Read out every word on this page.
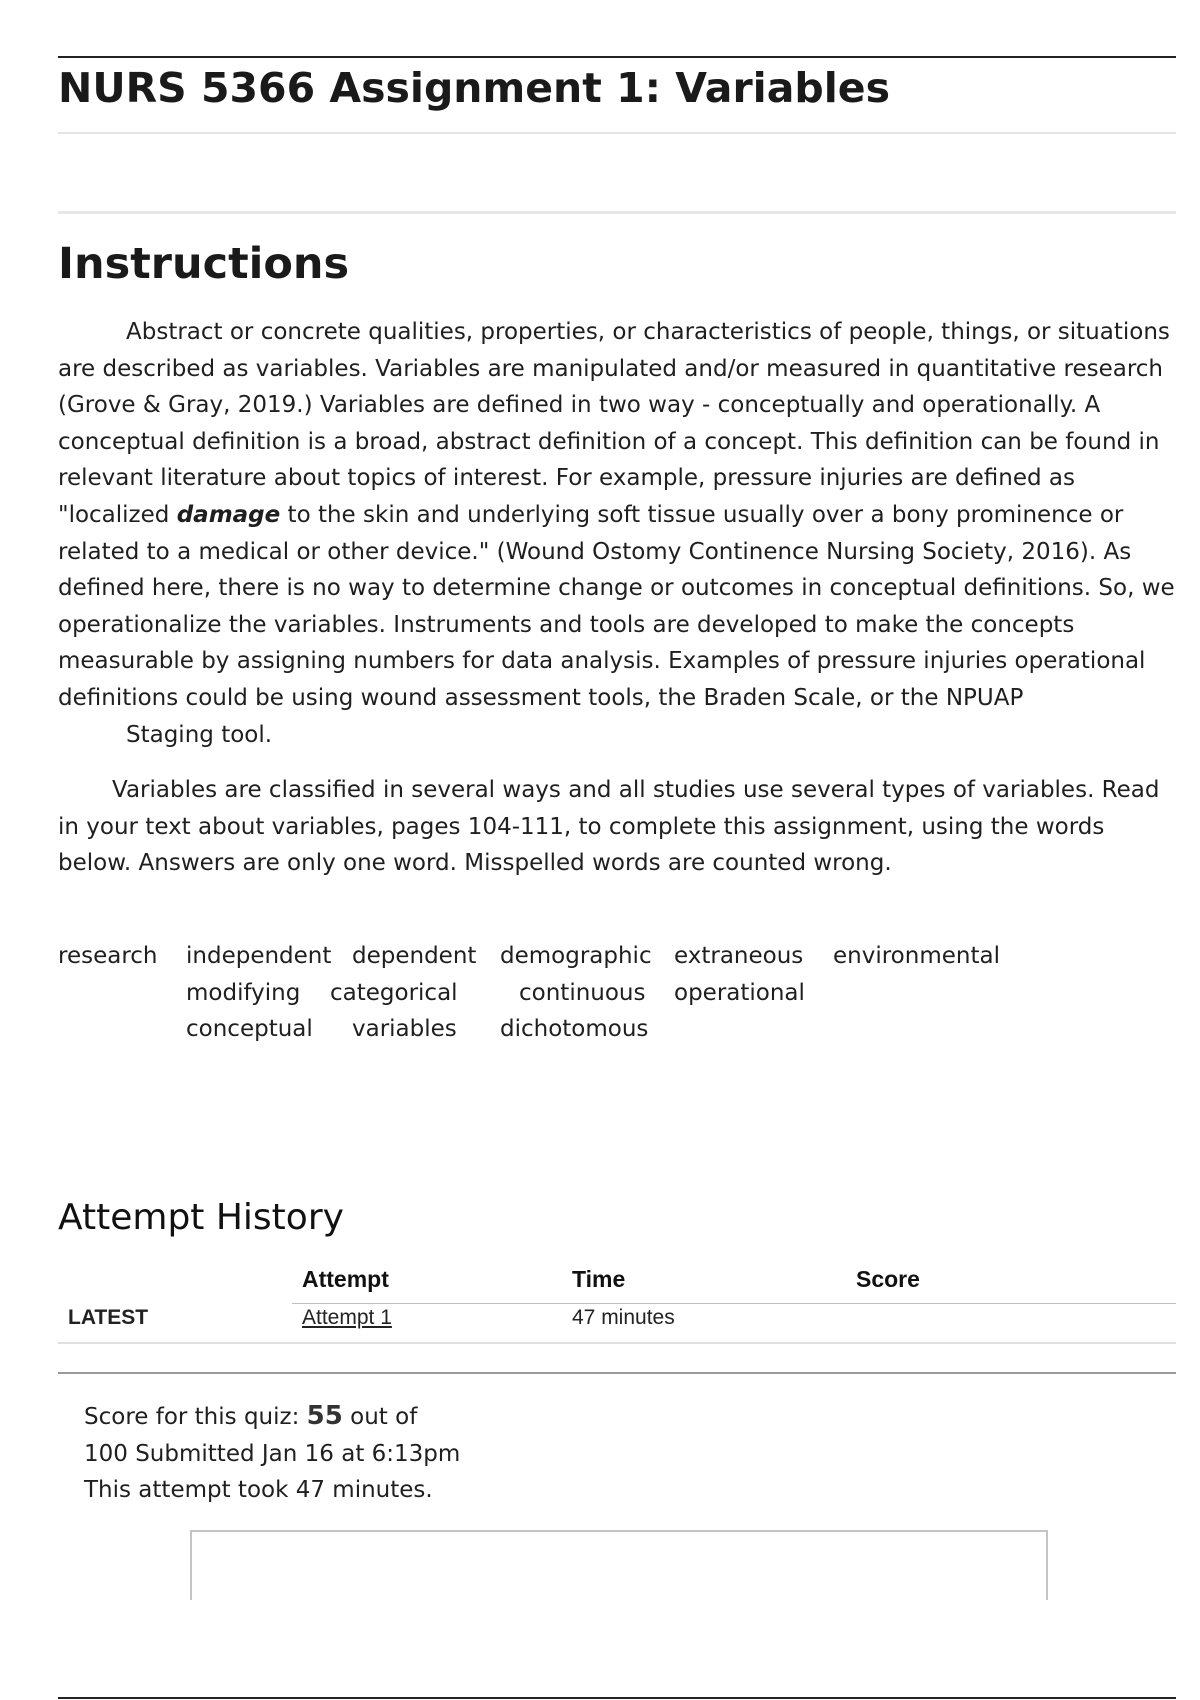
NURS 5366 Assignment 1: Variables
Instructions

Abstract or concrete qualities, properties, or characteristics of people, things, or situations are described as variables. Variables are manipulated and/or measured in quantitative research (Grove & Gray, 2019.) Variables are defined in two way - conceptually and operationally. A conceptual definition is a broad, abstract definition of a concept. This definition can be found in relevant literature about topics of interest. For example, pressure injuries are defined as "localized damage to the skin and underlying soft tissue usually over a bony prominence or related to a medical or other device." (Wound Ostomy Continence Nursing Society, 2016). As defined here, there is no way to determine change or outcomes in conceptual definitions. So, we operationalize the variables. Instruments and tools are developed to make the concepts measurable by assigning numbers for data analysis. Examples of pressure injuries operational definitions could be using wound assessment tools, the Braden Scale, or the NPUAP
Staging tool.

Variables are classified in several ways and all studies use several types of variables. Read in your text about variables, pages 104-111, to complete this assignment, using the words below. Answers are only one word. Misspelled words are counted wrong.

research independent dependent demographic extraneous environmental
modifying categorical	continuous operational
conceptual variables dichotomous
Attempt History
Attempt	Time	Score
LATEST	Attempt 1	47 minutes

Score for this quiz: 55 out of 100 Submitted Jan 16 at 6:13pm This attempt took 47 minutes.
